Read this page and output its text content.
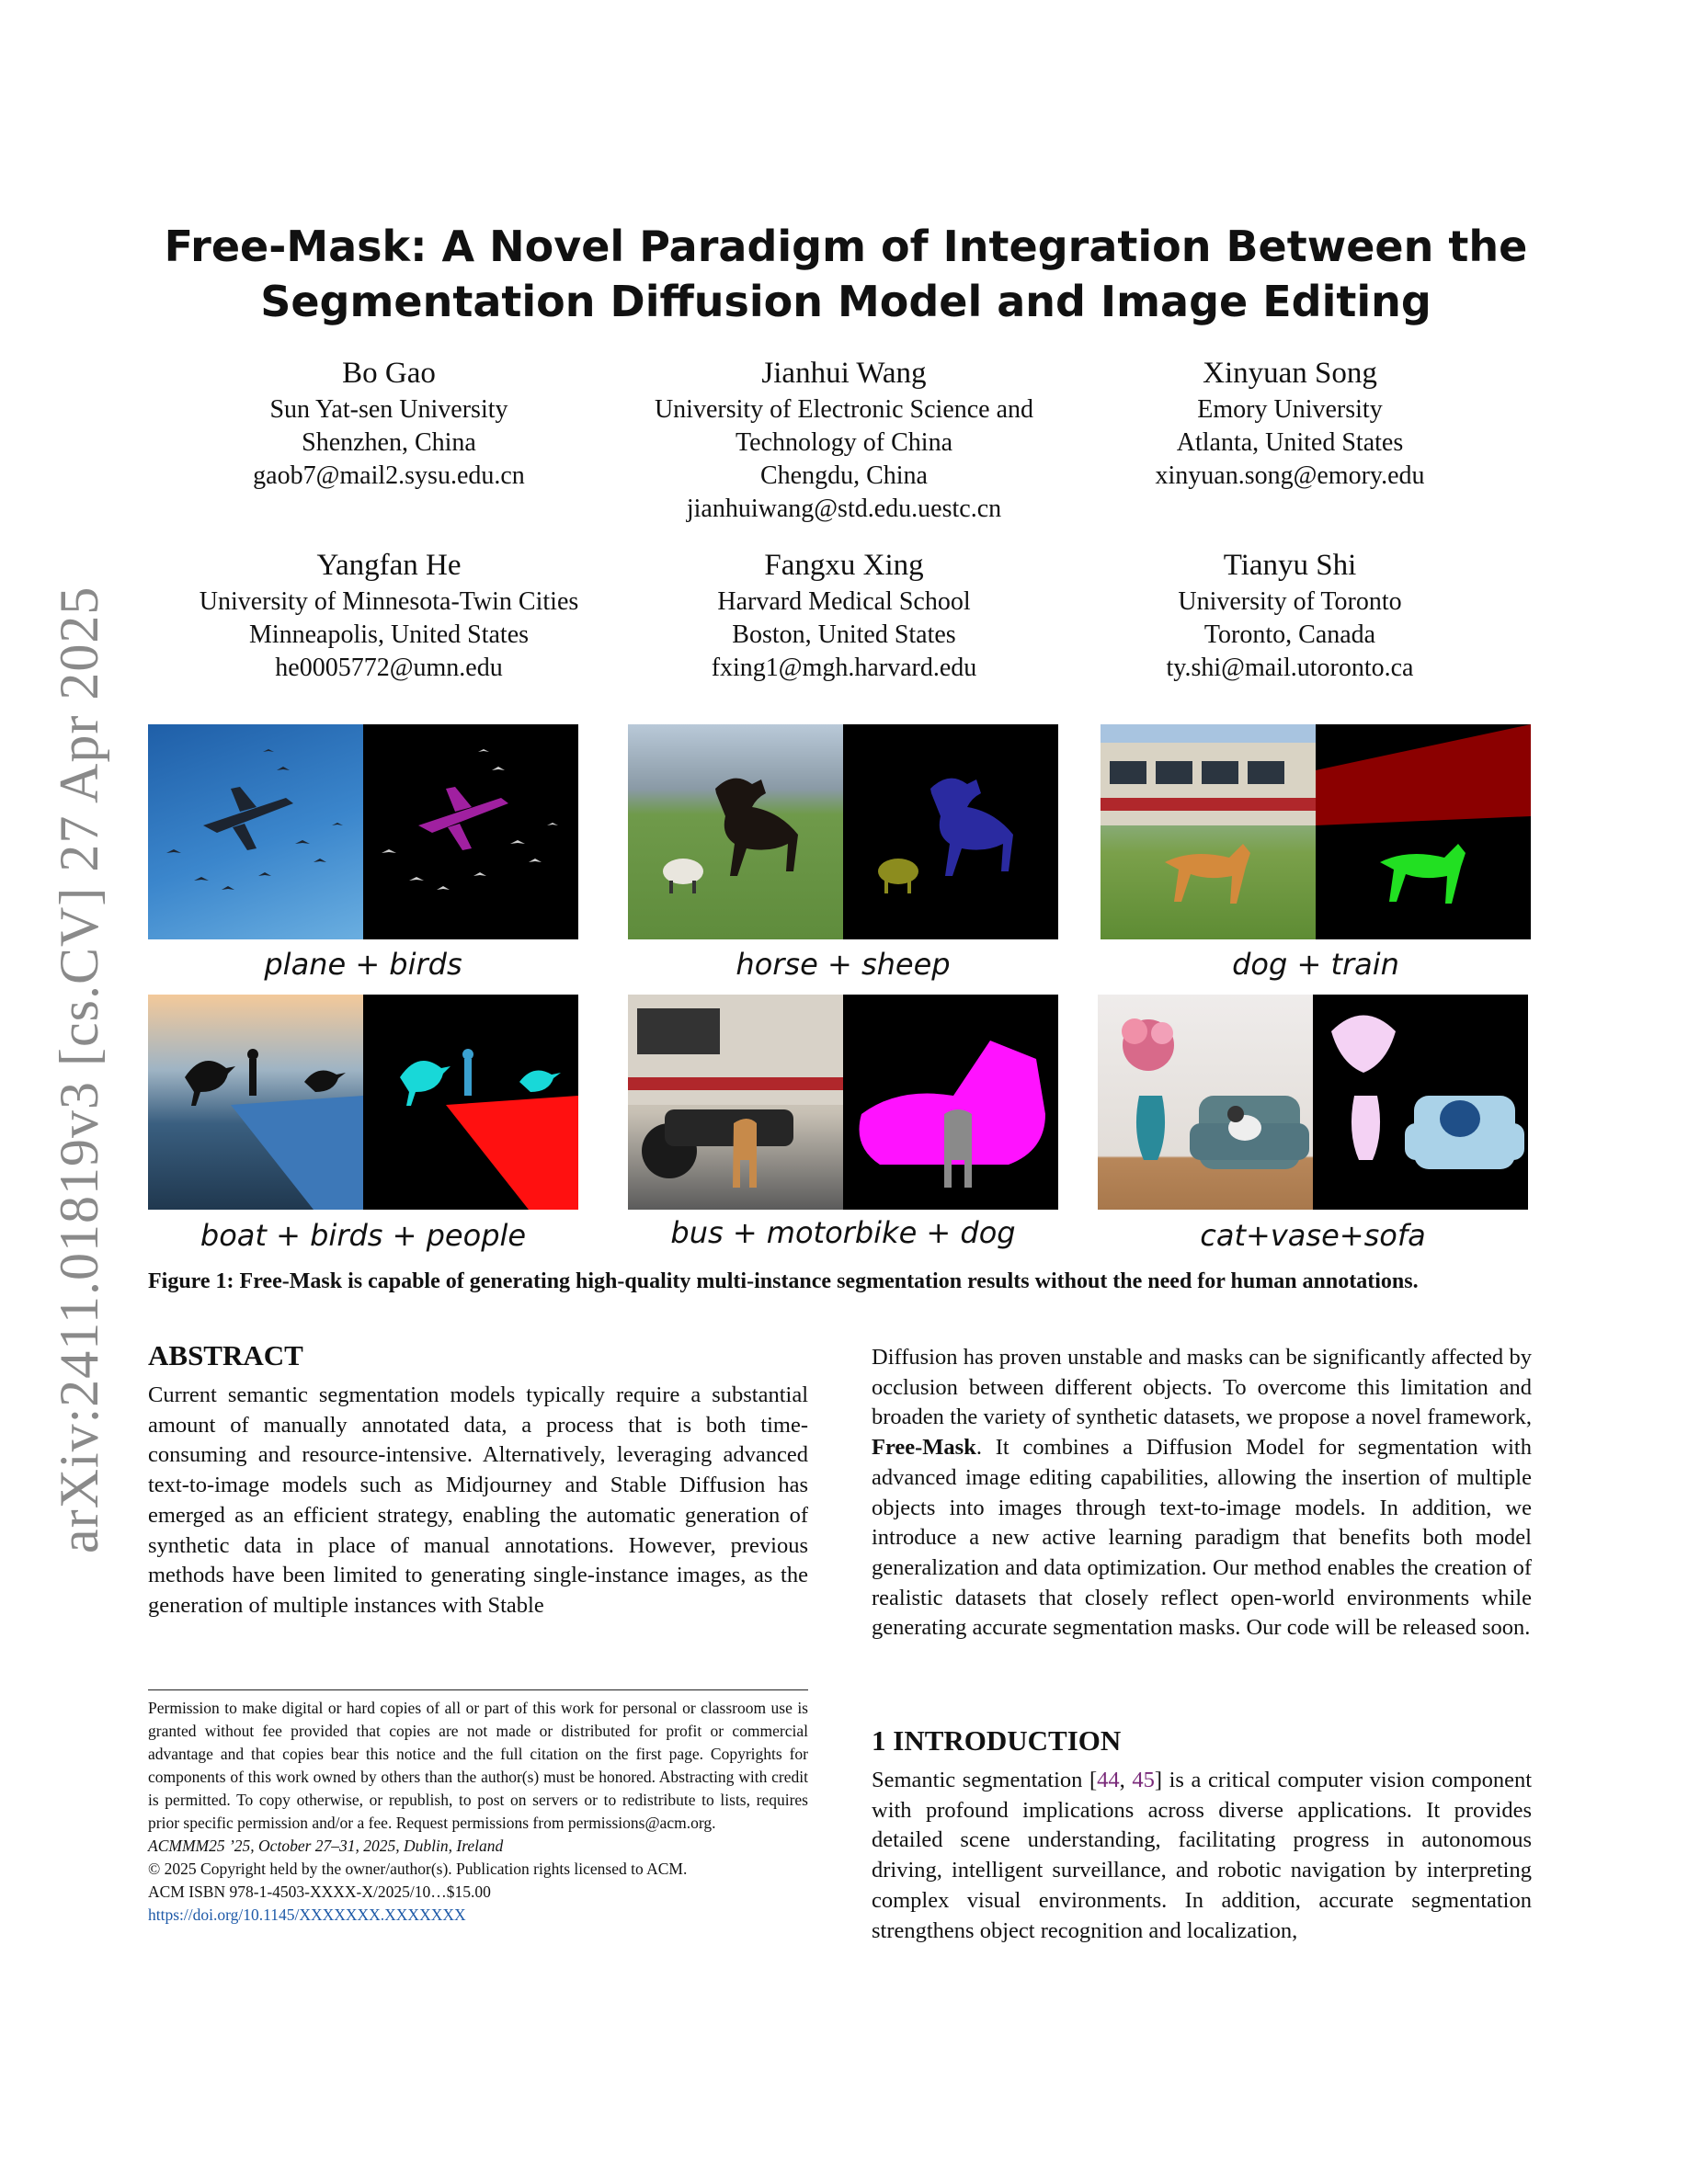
arXiv:2411.01819v3 [cs.CV] 27 Apr 2025
Free-Mask: A Novel Paradigm of Integration Between the
Segmentation Diffusion Model and Image Editing
Bo Gao
Sun Yat-sen University
Shenzhen, China
gaob7@mail2.sysu.edu.cn
Jianhui Wang
University of Electronic Science and
Technology of China
Chengdu, China
jianhuiwang@std.edu.uestc.cn
Xinyuan Song
Emory University
Atlanta, United States
xinyuan.song@emory.edu
Yangfan He
University of Minnesota-Twin Cities
Minneapolis, United States
he0005772@umn.edu
Fangxu Xing
Harvard Medical School
Boston, United States
fxing1@mgh.harvard.edu
Tianyu Shi
University of Toronto
Toronto, Canada
ty.shi@mail.utoronto.ca
plane + birds	horse + sheep	dog + train
boat + birds + people	bus + motorbike + dog	cat+vase+sofa
Figure 1: Free-Mask is capable of generating high-quality multi-instance segmentation results without the need for human annotations.
ABSTRACT

Current semantic segmentation models typically require a substantial amount of manually annotated data, a process that is both time-consuming and resource-intensive. Alternatively, leveraging advanced text-to-image models such as Midjourney and Stable Diffusion has emerged as an efficient strategy, enabling the automatic generation of synthetic data in place of manual annotations. However, previous methods have been limited to generating single-instance images, as the generation of multiple instances with Stable

Diffusion has proven unstable and masks can be significantly affected by occlusion between different objects. To overcome this limitation and broaden the variety of synthetic datasets, we propose a novel framework, Free-Mask. It combines a Diffusion Model for segmentation with advanced image editing capabilities, allowing the insertion of multiple objects into images through text-to-image models. In addition, we introduce a new active learning paradigm that benefits both model generalization and data optimization. Our method enables the creation of realistic datasets that closely reflect open-world environments while generating accurate segmentation masks. Our code will be released soon.

1 INTRODUCTION

Semantic segmentation [44, 45] is a critical computer vision component with profound implications across diverse applications. It provides detailed scene understanding, facilitating progress in autonomous driving, intelligent surveillance, and robotic navigation by interpreting complex visual environments. In addition, accurate segmentation strengthens object recognition and localization,

Permission to make digital or hard copies of all or part of this work for personal or classroom use is granted without fee provided that copies are not made or distributed for profit or commercial advantage and that copies bear this notice and the full citation on the first page. Copyrights for components of this work owned by others than the author(s) must be honored. Abstracting with credit is permitted. To copy otherwise, or republish, to post on servers or to redistribute to lists, requires prior specific permission and/or a fee. Request permissions from permissions@acm.org.
ACMMM25 ’25, October 27–31, 2025, Dublin, Ireland
© 2025 Copyright held by the owner/author(s). Publication rights licensed to ACM.
ACM ISBN 978-1-4503-XXXX-X/2025/10…$15.00
https://doi.org/10.1145/XXXXXXX.XXXXXXX
